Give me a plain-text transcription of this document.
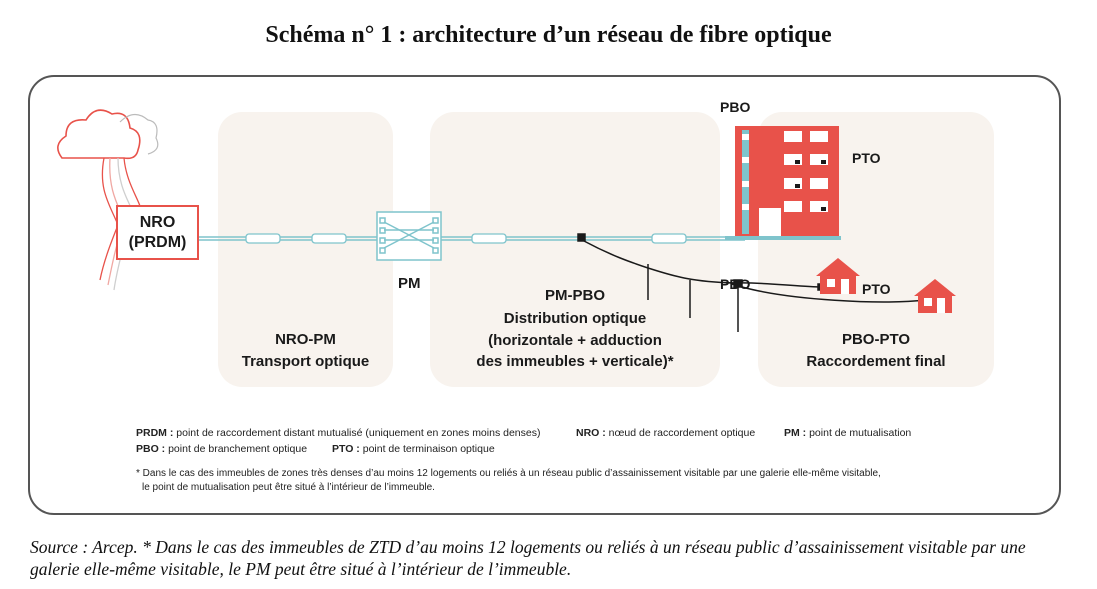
Schéma n° 1 : architecture d’un réseau de fibre optique
NRO
(PRDM)
PM
PBO
PTO
PBO	PTO
NRO-PM
Transport optique
PM-PBO
Distribution optique
(horizontale + adduction
des immeubles + verticale)*
PBO-PTO
Raccordement final
PRDM : point de raccordement distant mutualisé (uniquement en zones moins denses)	NRO : nœud de raccordement optique	PM : point de mutualisation
PBO : point de branchement optique PTO : point de terminaison optique
* Dans le cas des immeubles de zones très denses d’au moins 12 logements ou reliés à un réseau public d’assainissement visitable par une galerie elle-même visitable,
le point de mutualisation peut être situé à l’intérieur de l’immeuble.
Source : Arcep. * Dans le cas des immeubles de ZTD d’au moins 12 logements ou reliés à un réseau public d’assainissement visitable par une galerie elle-même visitable, le PM peut être situé à l’intérieur de l’immeuble.
